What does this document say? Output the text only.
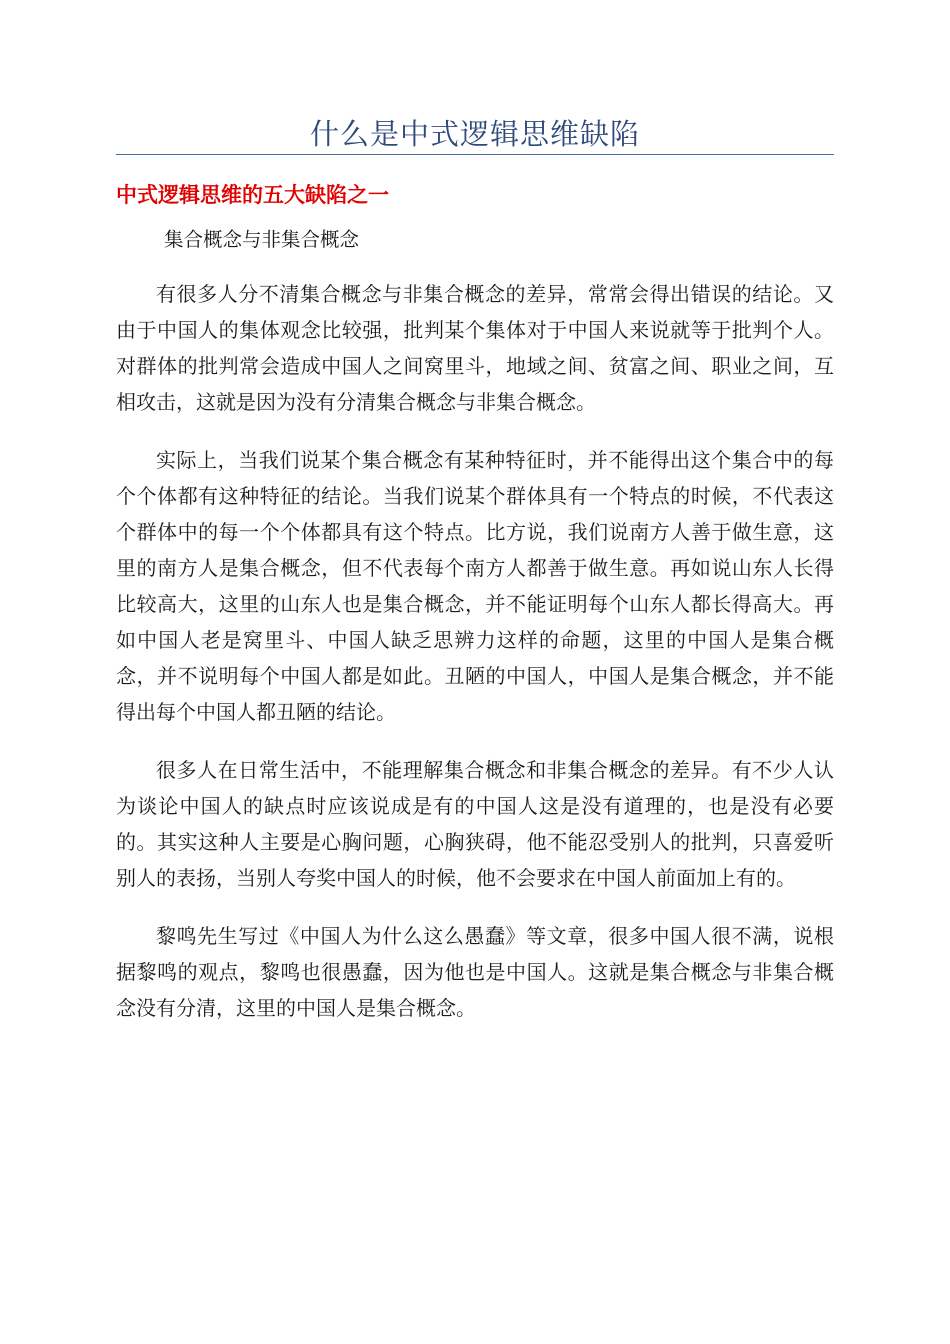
什么是中式逻辑思维缺陷
中式逻辑思维的五大缺陷之一
集合概念与非集合概念

有很多人分不清集合概念与非集合概念的差异，常常会得出错误的结论。又由于中国人的集体观念比较强，批判某个集体对于中国人来说就等于批判个人。对群体的批判常会造成中国人之间窝里斗，地域之间、贫富之间、职业之间，互相攻击，这就是因为没有分清集合概念与非集合概念。

实际上，当我们说某个集合概念有某种特征时，并不能得出这个集合中的每个个体都有这种特征的结论。当我们说某个群体具有一个特点的时候，不代表这个群体中的每一个个体都具有这个特点。比方说，我们说南方人善于做生意，这里的南方人是集合概念，但不代表每个南方人都善于做生意。再如说山东人长得比较高大，这里的山东人也是集合概念，并不能证明每个山东人都长得高大。再如中国人老是窝里斗、中国人缺乏思辨力这样的命题，这里的中国人是集合概念，并不说明每个中国人都是如此。丑陋的中国人，中国人是集合概念，并不能得出每个中国人都丑陋的结论。

很多人在日常生活中，不能理解集合概念和非集合概念的差异。有不少人认为谈论中国人的缺点时应该说成是有的中国人这是没有道理的，也是没有必要的。其实这种人主要是心胸问题，心胸狭碍，他不能忍受别人的批判，只喜爱听别人的表扬，当别人夸奖中国人的时候，他不会要求在中国人前面加上有的。

黎鸣先生写过《中国人为什么这么愚蠢》等文章，很多中国人很不满，说根据黎鸣的观点，黎鸣也很愚蠢，因为他也是中国人。这就是集合概念与非集合概念没有分清，这里的中国人是集合概念。
